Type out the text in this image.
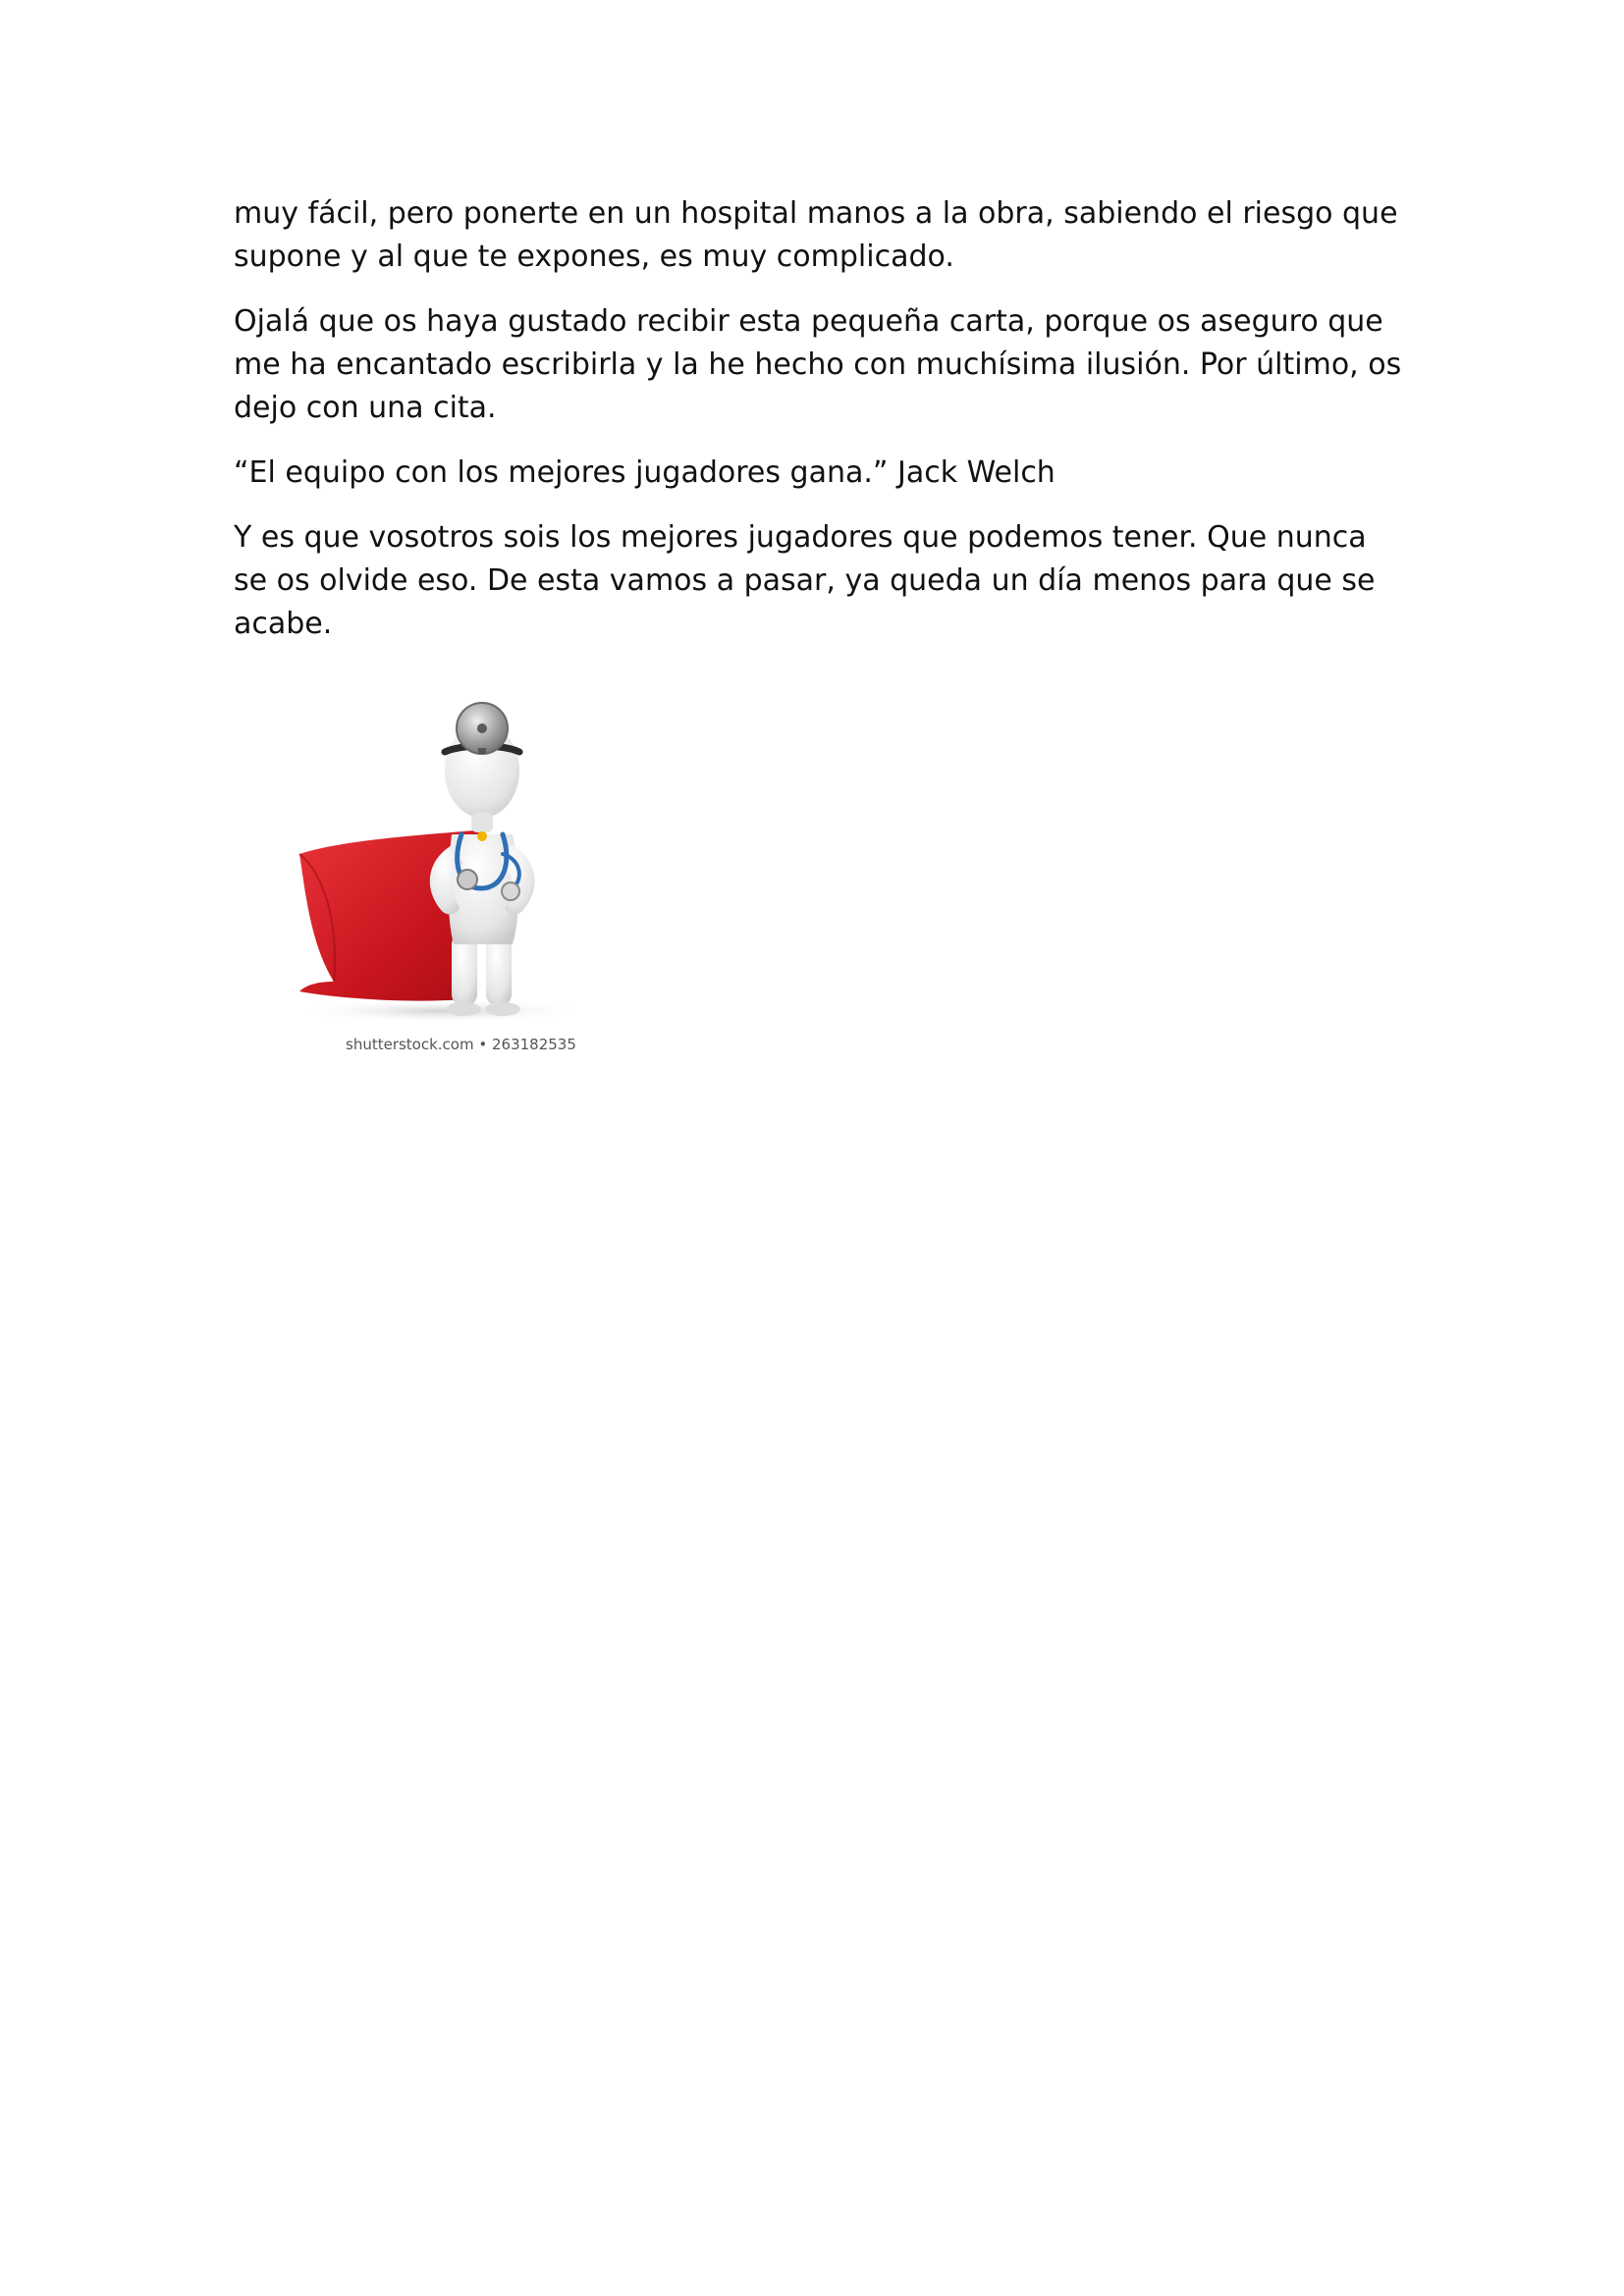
muy fácil, pero ponerte en un hospital manos a la obra, sabiendo el riesgo que supone y al que te expones, es muy complicado.

Ojalá que os haya gustado recibir esta pequeña carta, porque os aseguro que me ha encantado escribirla y la he hecho con muchísima ilusión. Por último, os dejo con una cita.

“El equipo con los mejores jugadores gana.” Jack Welch

Y es que vosotros sois los mejores jugadores que podemos tener. Que nunca se os olvide eso. De esta vamos a pasar, ya queda un día menos para que se acabe.

shutterstock.com • 263182535
